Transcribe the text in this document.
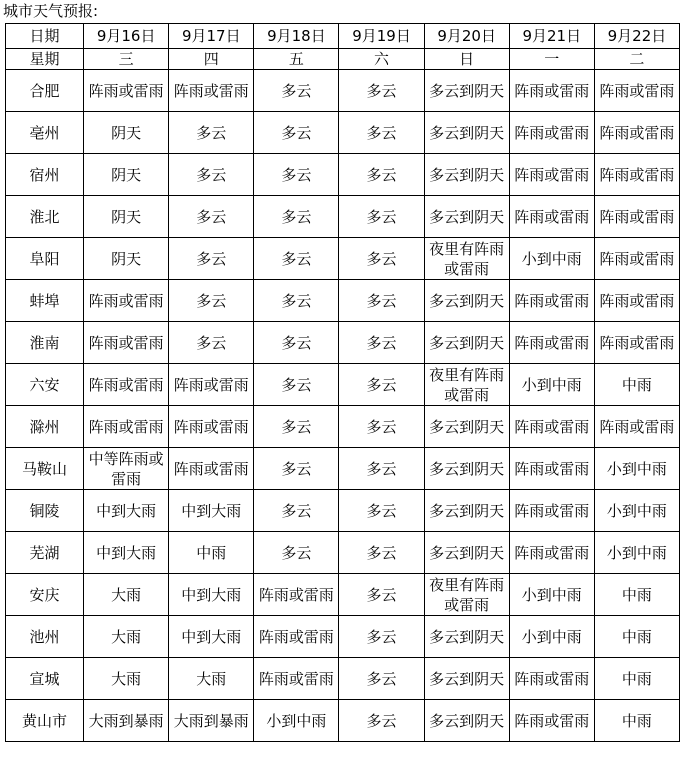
城市天气预报:
日期	9月16日	9月17日	9月18日	9月19日	9月20日	9月21日	9月22日
星期	三	四	五	六	日	一	二
合肥	阵雨或雷雨	阵雨或雷雨	多云	多云	多云到阴天	阵雨或雷雨	阵雨或雷雨
亳州	阴天	多云	多云	多云	多云到阴天	阵雨或雷雨	阵雨或雷雨
宿州	阴天	多云	多云	多云	多云到阴天	阵雨或雷雨	阵雨或雷雨
淮北	阴天	多云	多云	多云	多云到阴天	阵雨或雷雨	阵雨或雷雨
阜阳	阴天	多云	多云	多云	夜里有阵雨或雷雨	小到中雨	阵雨或雷雨
蚌埠	阵雨或雷雨	多云	多云	多云	多云到阴天	阵雨或雷雨	阵雨或雷雨
淮南	阵雨或雷雨	多云	多云	多云	多云到阴天	阵雨或雷雨	阵雨或雷雨
六安	阵雨或雷雨	阵雨或雷雨	多云	多云	夜里有阵雨或雷雨	小到中雨	中雨
滁州	阵雨或雷雨	阵雨或雷雨	多云	多云	多云到阴天	阵雨或雷雨	阵雨或雷雨
马鞍山	中等阵雨或雷雨	阵雨或雷雨	多云	多云	多云到阴天	阵雨或雷雨	小到中雨
铜陵	中到大雨	中到大雨	多云	多云	多云到阴天	阵雨或雷雨	小到中雨
芜湖	中到大雨	中雨	多云	多云	多云到阴天	阵雨或雷雨	小到中雨
安庆	大雨	中到大雨	阵雨或雷雨	多云	夜里有阵雨或雷雨	小到中雨	中雨
池州	大雨	中到大雨	阵雨或雷雨	多云	多云到阴天	小到中雨	中雨
宣城	大雨	大雨	阵雨或雷雨	多云	多云到阴天	阵雨或雷雨	中雨
黄山市	大雨到暴雨	大雨到暴雨	小到中雨	多云	多云到阴天	阵雨或雷雨	中雨
